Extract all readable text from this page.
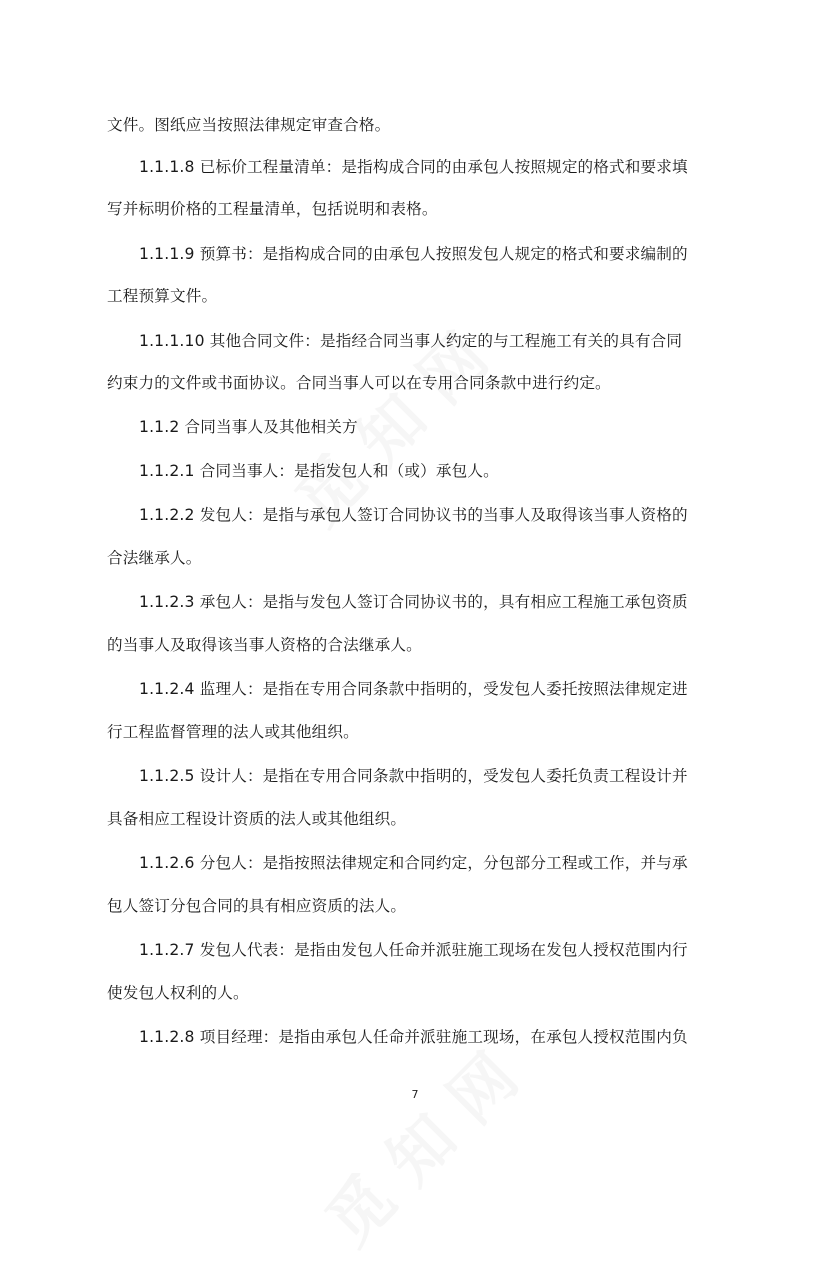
文件。图纸应当按照法律规定审查合格。
1.1.1.8 已标价工程量清单：是指构成合同的由承包人按照规定的格式和要求填
写并标明价格的工程量清单，包括说明和表格。
1.1.1.9 预算书：是指构成合同的由承包人按照发包人规定的格式和要求编制的
工程预算文件。
1.1.1.10 其他合同文件：是指经合同当事人约定的与工程施工有关的具有合同
约束力的文件或书面协议。合同当事人可以在专用合同条款中进行约定。
1.1.2 合同当事人及其他相关方
1.1.2.1 合同当事人：是指发包人和（或）承包人。
1.1.2.2 发包人：是指与承包人签订合同协议书的当事人及取得该当事人资格的
合法继承人。
1.1.2.3 承包人：是指与发包人签订合同协议书的，具有相应工程施工承包资质
的当事人及取得该当事人资格的合法继承人。
1.1.2.4 监理人：是指在专用合同条款中指明的，受发包人委托按照法律规定进
行工程监督管理的法人或其他组织。
1.1.2.5 设计人：是指在专用合同条款中指明的，受发包人委托负责工程设计并
具备相应工程设计资质的法人或其他组织。
1.1.2.6 分包人：是指按照法律规定和合同约定，分包部分工程或工作，并与承
包人签订分包合同的具有相应资质的法人。
1.1.2.7 发包人代表：是指由发包人任命并派驻施工现场在发包人授权范围内行
使发包人权利的人。
1.1.2.8 项目经理：是指由承包人任命并派驻施工现场，在承包人授权范围内负
7
